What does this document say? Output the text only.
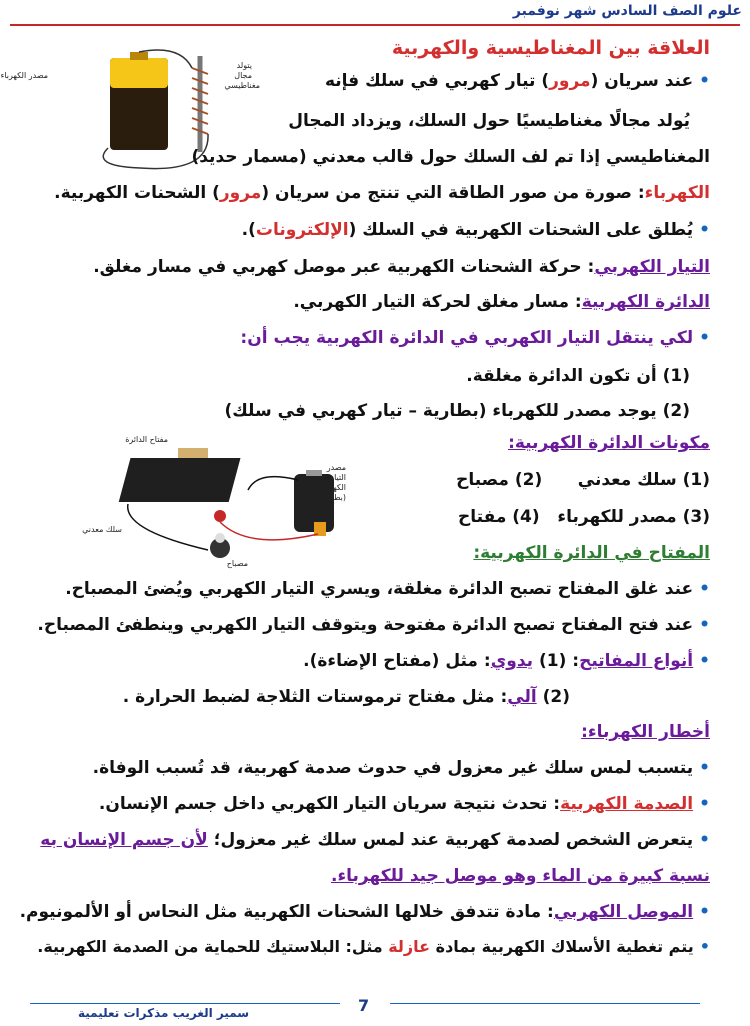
علوم الصف السادس شهر نوفمبر
العلاقة بين المغناطيسية والكهربية
مصدر الكهرباء
يتولد
مجال
مغناطيسي	•عند سريان (مرور) تيار كهربي في سلك فإنه
يُولد مجالًا مغناطيسيًا حول السلك، ويزداد المجال
المغناطيسي إذا تم لف السلك حول قالب معدني (مسمار حديد)
الكهرباء: صورة من صور الطاقة التي تنتج من سريان (مرور) الشحنات الكهربية.
•يُطلق على الشحنات الكهربية في السلك (الإلكترونات).
التيار الكهربي: حركة الشحنات الكهربية عبر موصل كهربي في مسار مغلق.
الدائرة الكهربية: مسار مغلق لحركة التيار الكهربي.
•لكي ينتقل التيار الكهربي في الدائرة الكهربية يجب أن:
(1) أن تكون الدائرة مغلقة.
(2) يوجد مصدر للكهرباء (بطارية – تيار كهربي في سلك)
مفتاح الدائرة
مصدر
التيار
الكهربي
(بطارية)
سلك معدني
مصباح
مكونات الدائرة الكهربية:
(1) سلك معدني      (2) مصباح
(3) مصدر للكهرباء   (4) مفتاح
المفتاح في الدائرة الكهربية:
•عند غلق المفتاح تصبح الدائرة مغلقة، ويسري التيار الكهربي ويُضئ المصباح.
•عند فتح المفتاح تصبح الدائرة مفتوحة ويتوقف التيار الكهربي وينطفئ المصباح.
•أنواع المفاتيح: (1) يدوي: مثل (مفتاح الإضاءة).
(2) آلي: مثل مفتاح ترموستات الثلاجة لضبط الحرارة .
أخطار الكهرباء:
•يتسبب لمس سلك غير معزول في حدوث صدمة كهربية، قد تُسبب الوفاة.
•الصدمة الكهربية: تحدث نتيجة سريان التيار الكهربي داخل جسم الإنسان.
•يتعرض الشخص لصدمة كهربية عند لمس سلك غير معزول؛ لأن جسم الإنسان به
نسبة كبيرة من الماء وهو موصل جيد للكهرباء.
•الموصل الكهربي: مادة تتدفق خلالها الشحنات الكهربية مثل النحاس أو الألمونيوم.
•يتم تغطية الأسلاك الكهربية بمادة عازلة مثل: البلاستيك للحماية من الصدمة الكهربية.
7
سمير الغريب مذكرات تعليمية
